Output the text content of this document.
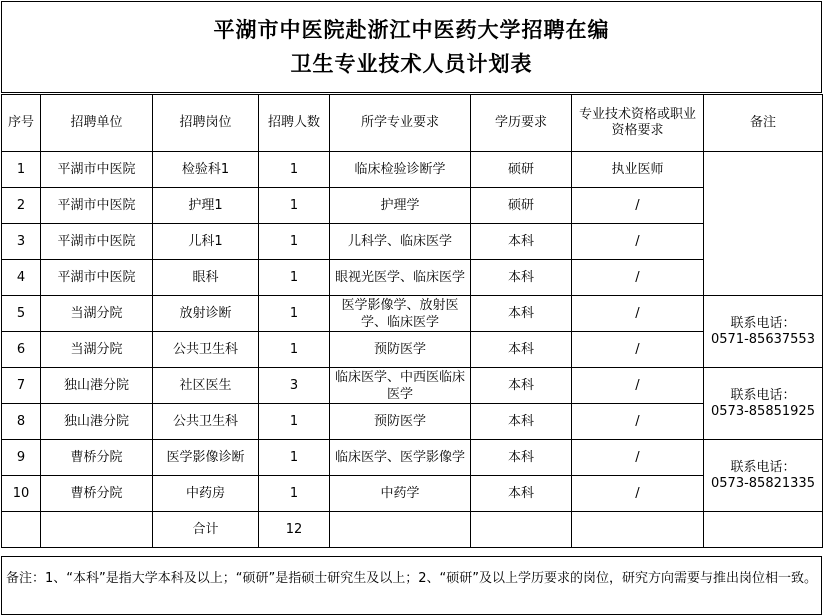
平湖市中医院赴浙江中医药大学招聘在编
卫生专业技术人员计划表
序号	招聘单位	招聘岗位	招聘人数	所学专业要求	学历要求	专业技术资格或职业资格要求	备注
1	平湖市中医院	检验科1	1	临床检验诊断学	硕研	执业医师	
2	平湖市中医院	护理1	1	护理学	硕研	/	
3	平湖市中医院	儿科1	1	儿科学、临床医学	本科	/	
4	平湖市中医院	眼科	1	眼视光医学、临床医学	本科	/	
5	当湖分院	放射诊断	1	医学影像学、放射医学、临床医学	本科	/	联系电话：
0571-85637553

6	当湖分院	公共卫生科	1	预防医学	本科	/	
7	独山港分院	社区医生	3	临床医学、中西医临床医学	本科	/	联系电话：
0573-85851925

8	独山港分院	公共卫生科	1	预防医学	本科	/	
9	曹桥分院	医学影像诊断	1	临床医学、医学影像学	本科	/	联系电话：
0573-85821335

10	曹桥分院	中药房	1	中药学	本科	/	
		合计	12				
备注：1、“本科”是指大学本科及以上；“硕研”是指硕士研究生及以上；2、“硕研”及以上学历要求的岗位，研究方向需要与推出岗位相一致。
